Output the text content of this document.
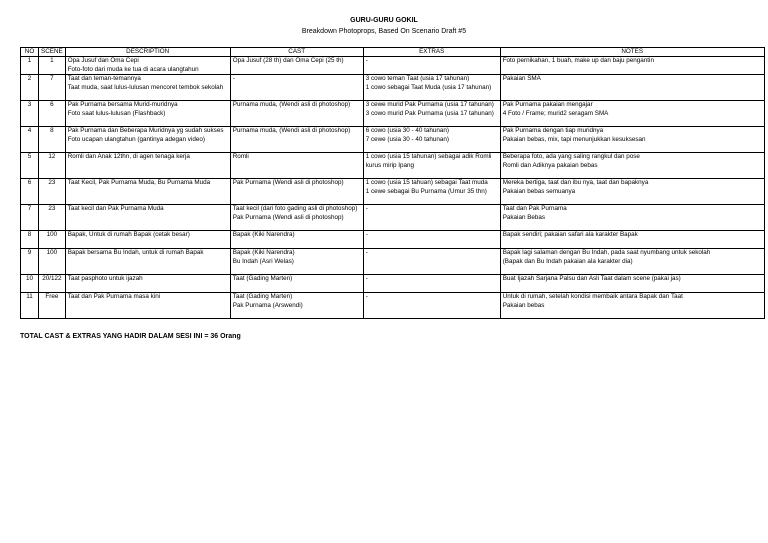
GURU-GURU GOKIL
Breakdown Photoprops, Based On Scenario Draft #5
NO	SCENE	DESCRIPTION	CAST	EXTRAS	NOTES
1	1	Opa Jusuf dan Oma Cepi
Foto-foto dari muda ke tua di acara ulangtahun	Opa Jusuf (28 th) dan Oma Cepi (25 th)	-	Foto pernikahan, 1 buah, make up dan baju pengantin

2	7	Taat dan teman-temannya
Taat muda, saat lulus-lulusan mencoret tembok sekolah	-	3 cowo teman Taat (usia 17 tahunan)
1 cowo sebagai Taat Muda (usia 17 tahunan)	Pakaian SMA

3	6	Pak Purnama bersama Murid-muridnya
Foto saat lulus-lulusan (Flashback)	Purnama muda, (Wendi asli di photoshop)	3 cewe murid Pak Purnama (usia 17 tahunan)
3 cowo murid Pak Purnama (usia 17 tahunan)	Pak Purnama pakaian mengajar
4 Foto / Frame; murid2 seragam SMA

4	8	Pak Purnama dan Beberapa Muridnya yg sudah sukses
Foto ucapan ulangtahun (gantinya adegan video)	Purnama muda, (Wendi asli di photoshop)	6 cowo (usia 30 - 40 tahunan)
7 cewe (usia 30 - 40 tahunan)	Pak Purnama dengan tiap muridnya
Pakaian bebas, mix, tapi menunjukkan kesuksesan

5	12	Romli dan Anak 12thn, di agen tenaga kerja	Romli	1 cowo (usia 15 tahunan) sebagai adik Romli
kurus mirip Ipang	Beberapa foto, ada yang saling rangkul dan pose
Romli dan Adiknya pakaian bebas

6	23	Taat Kecil, Pak Purnama Muda, Bu Purnama Muda	Pak Purnama (Wendi asli di photoshop)	1 cowo (usia 15 tahuan) sebagai Taat muda
1 cewe sebagai Bu Purnama (Umur 35 thn)	Mereka bertiga, taat dan ibu nya, taat dan bapaknya
Pakaian bebas semuanya

7	23	Taat kecil dan Pak Purnama Muda	Taat kecil (dari foto gading asli di photoshop)
Pak Purnama (Wendi asli di photoshop)	-	Taat dan Pak Purnama
Pakaian Bebas

8	100	Bapak, Untuk di rumah Bapak (cetak besar)	Bapak (Kiki Narendra)	-	Bapak sendiri; pakaian safari ala karakter Bapak

9	100	Bapak bersama Bu Indah, untuk di rumah Bapak	Bapak (Kiki Narendra)
Bu Indah (Asri Welas)	-	Bapak lagi salaman dengan Bu Indah, pada saat nyumbang untuk sekolah
(Bapak dan Bu Indah pakaian ala karakter dia)

10	20/122	Taat pasphoto untuk ijazah	Taat (Gading Marten)	-	Buat Ijazah Sarjana Palsu dan Asli Taat dalam scene (pakai jas)

11	Free	Taat dan Pak Purnama masa kini	Taat (Gading Marten)
Pak Purnama (Arswendi)	-	Untuk di rumah, setelah kondisi membaik antara Bapak dan Taat
Pakaian bebas
TOTAL CAST & EXTRAS YANG HADIR DALAM SESI INI = 36 Orang
